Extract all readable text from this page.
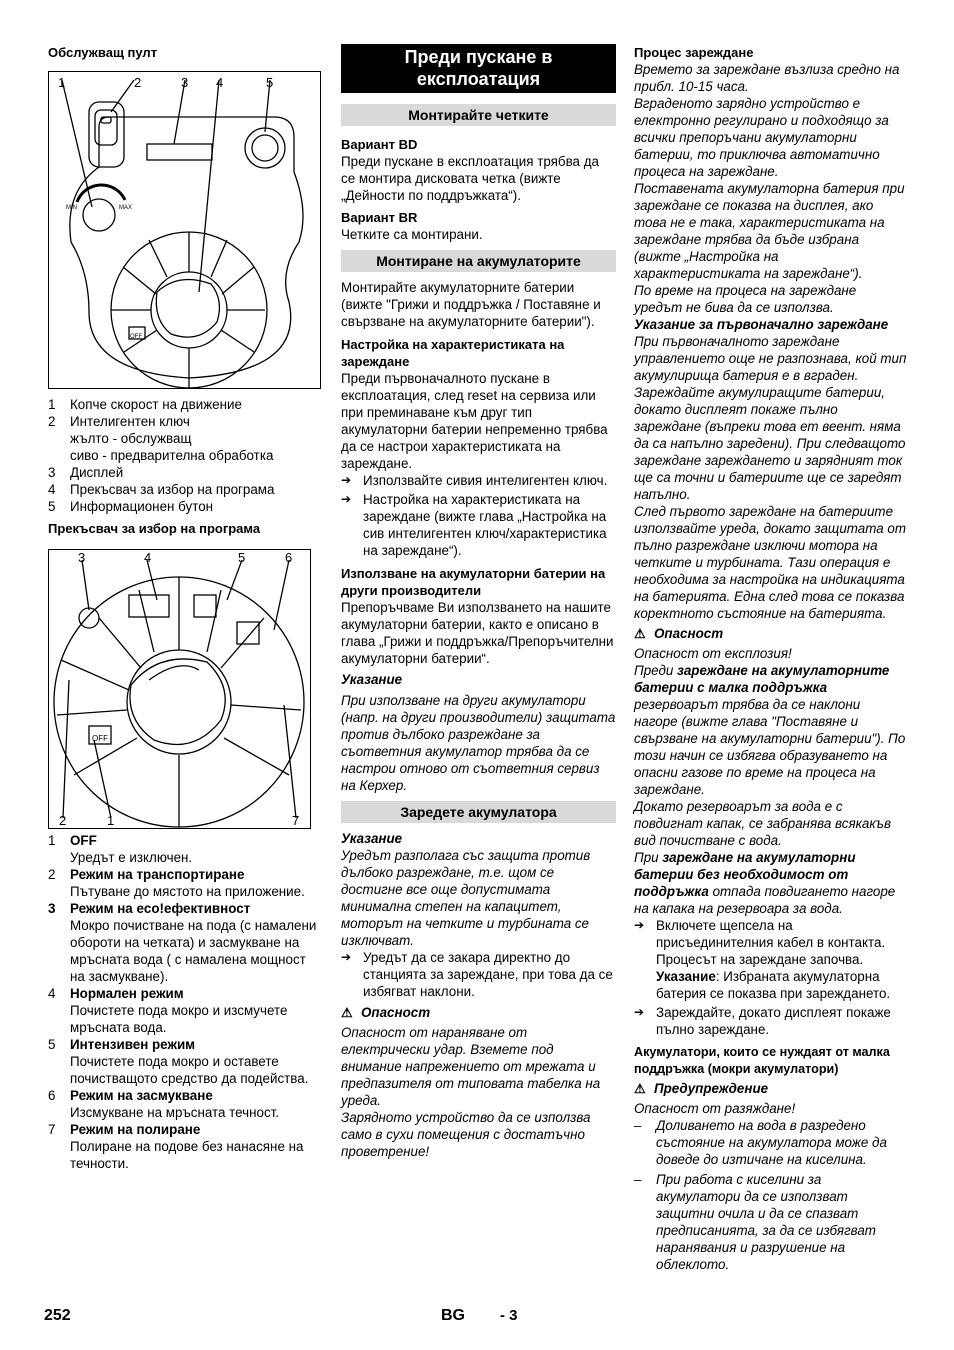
Обслужващ пулт

1	2	3 4	5
MIN	MAX
OFF
1	Копче скорост на движение
2	Интелигентен ключ
жълто - обслужващ
сиво - предварителна обработка
3	Дисплей
4	Прекъсвач за избор на програма
5	Информационен бутон

Прекъсвач за избор на програма

3	4	5	6
2	1	7
OFF
1	OFF
Уредът е изключен.
2	Режим на транспортиране
Пътуване до мястото на приложение.
3	Режим на eco!ефективност
Мокро почистване на пода (с намалени обороти на четката) и засмукване на мръсната вода ( с намалена мощност на засмукване).
4	Нормален режим
Почистете пода мокро и изсмучете мръсната вода.
5	Интензивен режим
Почистете пода мокро и оставете почистващото средство да подейства.
6	Режим на засмукване
Изсмукване на мръсната течност.
7	Режим на полиране
Полиране на подове без нанасяне на течности.
Преди пускане в експлоатация
Монтирайте четките

Вариант BD

Преди пускане в експлоатация трябва да се монтира дисковата четка (вижте „Дейности по поддръжката“).

Вариант BR

Четките са монтирани.

Монтиране на акумулаторите

Монтирайте акумулаторните батерии (вижте "Грижи и поддръжка / Поставяне и свързване на акумулаторните батерии").

Настройка на характеристиката на зареждане

Преди първоначалното пускане в експлоатация, след reset на сервиза или при преминаване към друг тип акумулаторни батерии непременно трябва да се настрои характеристиката на зареждане.

➔ Използвайте сивия интелигентен ключ.
➔ Настройка на характеристиката на зареждане (вижте глава „Настройка на сив интелигентен ключ/характеристика на зареждане“).

Използване на акумулаторни батерии на други производители

Препоръчваме Ви използването на нашите акумулаторни батерии, както е описано в глава „Грижи и поддръжка/Препоръчителни акумулаторни батерии“.

Указание

При използване на други акумулатори (напр. на други производители) защитата против дълбоко разреждане за съответния акумулатор трябва да се настрои отново от съответния сервиз на Керхер.

Заредете акумулатора

Указание

Уредът разполага със защита против дълбоко разреждане, т.е. щом се достигне все още допустимата минимална степен на капацитет, моторът на четките и турбината се изключват.

➔ Уредът да се закара директно до станцията за зареждане, при това да се избягват наклони.
⚠ Опасност

Опасност от нараняване от електрически удар. Вземете под внимание напрежението от мрежата и предпазителя от типовата табелка на уреда.

Зарядното устройство да се използва само в сухи помещения с достатъчно проветрение!

Процес зареждане

Времето за зареждане възлиза средно на прибл. 10-15 часа.

Вграденото зарядно устройство е електронно регулирано и подходящо за всички препоръчани акумулаторни батерии, то приключва автоматично процеса на зареждане.

Поставената акумулаторна батерия при зареждане се показва на дисплея, ако това не е така, характеристиката на зареждане трябва да бъде избрана (вижте „Настройка на характеристиката на зареждане“).

По време на процеса на зареждане уредът не бива да се използва.

Указание за първоначално зареждане

При първоначалното зареждане управлението още не разпознава, кой тип акумулирища батерия е в вграден. Зареждайте акумулиращите батерии, докато дисплеят покаже пълно зареждане (въпреки това ет веент. няма да са напълно заредени). При следващото зареждане зареждането и зарядният ток ще са точни и батериите ще се заредят напълно.

След първото зареждане на батериите използвайте уреда, докато защитата от пълно разреждане изключи мотора на четките и турбината. Тази операция е необходима за настройка на индикацията на батерията. Една след това се показва коректното състояние на батерията.

⚠ Опасност

Опасност от експлозия!

Преди зареждане на акумулаторните батерии с малка поддръжка резервоарът трябва да се наклони нагоре (вижте глава "Поставяне и свързване на акумулаторни батерии"). По този начин се избягва образуването на опасни газове по време на процеса на зареждане.

Докато резервоарът за вода е с повдигнат капак, се забранява всякакъв вид почистване с вода.

При зареждане на акумулаторни батерии без необходимост от поддръжка отпада повдигането нагоре на капака на резервоара за вода.

➔ Включете щепсела на присъединителния кабел в контакта. Процесът на зареждане започва.
Указание: Избраната акумулаторна батерия се показва при зареждането.
➔ Зареждайте, докато дисплеят покаже пълно зареждане.

Акумулатори, които се нуждаят от малка поддръжка (мокри акумулатори)

⚠ Предупреждение

Опасност от разяждане!

–	Доливането на вода в разредено състояние на акумулатора може да доведе до изтичане на киселина.
–	При работа с киселини за акумулатори да се използват защитни очила и да се спазват предписанията, за да се избягват наранявания и разрушение на облеклото.
252	BG - 3
